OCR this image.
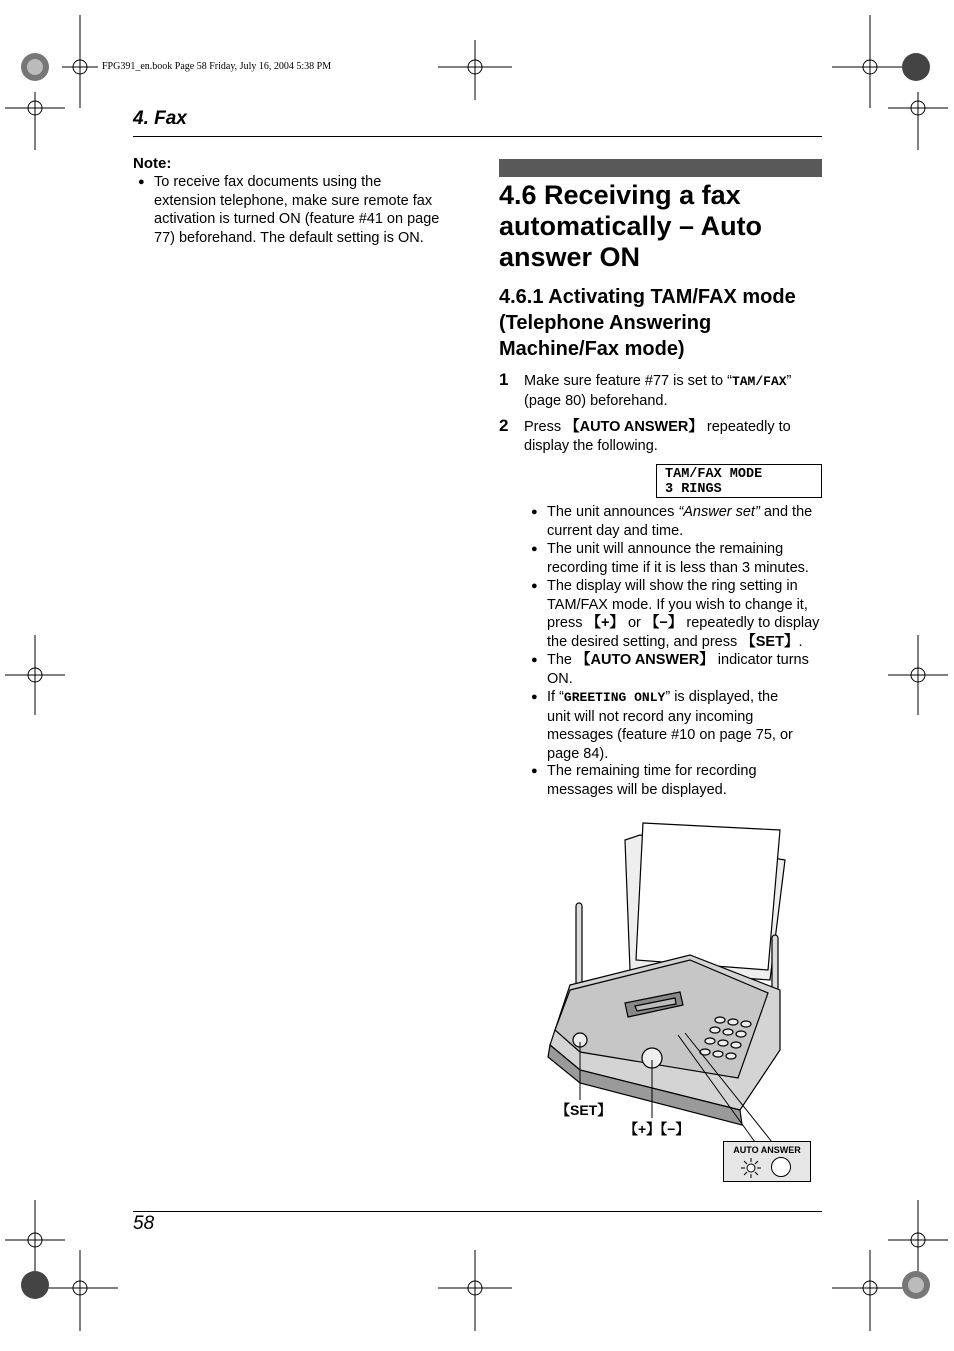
FPG391_en.book Page 58 Friday, July 16, 2004 5:38 PM
4. Fax
Note:
● To receive fax documents using the
extension telephone, make sure remote fax
activation is turned ON (feature #41 on page
77) beforehand. The default setting is ON.
4.6 Receiving a fax
automatically – Auto
answer ON
4.6.1 Activating TAM/FAX mode
(Telephone Answering
Machine/Fax mode)
1 Make sure feature #77 is set to “TAM/FAX”
(page 80) beforehand.
2 Press 【AUTO ANSWER】 repeatedly to
display the following.
TAM/FAX MODE
3 RINGS
● The unit announces “Answer set” and the
current day and time.
● The unit will announce the remaining
recording time if it is less than 3 minutes.
● The display will show the ring setting in
TAM/FAX mode. If you wish to change it,
press 【+】 or 【−】 repeatedly to display
the desired setting, and press 【SET】.
● The 【AUTO ANSWER】 indicator turns
ON.
● If “GREETING ONLY” is displayed, the
unit will not record any incoming
messages (feature #10 on page 75, or
page 84).
● The remaining time for recording
messages will be displayed.
【SET】
【+】【−】
AUTO ANSWER
58
